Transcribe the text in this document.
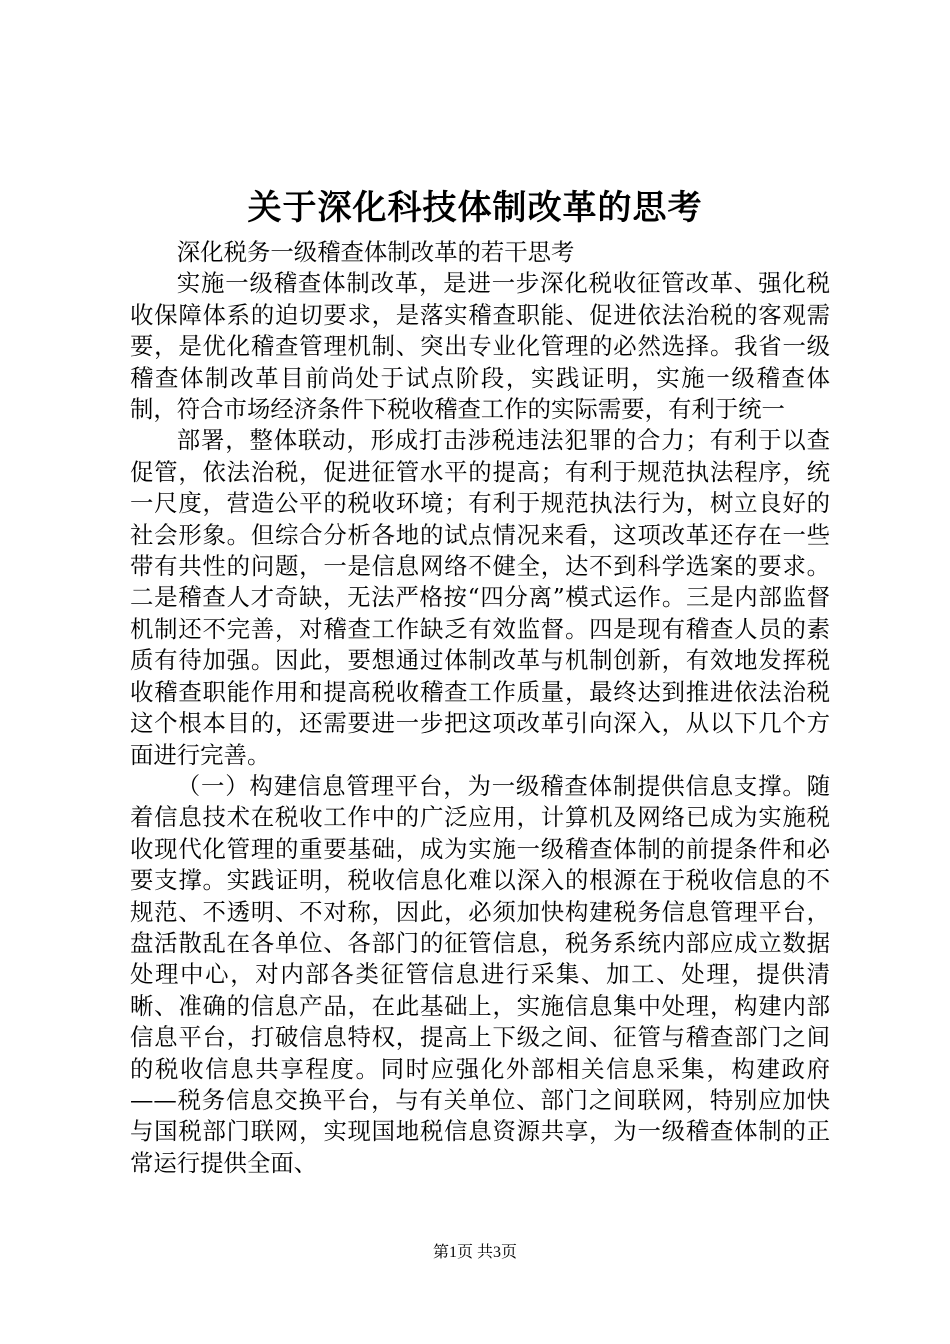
关于深化科技体制改革的思考

深化税务一级稽查体制改革的若干思考

实施一级稽查体制改革，是进一步深化税收征管改革、强化税收保障体系的迫切要求，是落实稽查职能、促进依法治税的客观需要，是优化稽查管理机制、突出专业化管理的必然选择。我省一级稽查体制改革目前尚处于试点阶段，实践证明，实施一级稽查体制，符合市场经济条件下税收稽查工作的实际需要，有利于统一

部署，整体联动，形成打击涉税违法犯罪的合力；有利于以查促管，依法治税，促进征管水平的提高；有利于规范执法程序，统一尺度，营造公平的税收环境；有利于规范执法行为，树立良好的社会形象。但综合分析各地的试点情况来看，这项改革还存在一些带有共性的问题，一是信息网络不健全，达不到科学选案的要求。二是稽查人才奇缺，无法严格按“四分离”模式运作。三是内部监督机制还不完善，对稽查工作缺乏有效监督。四是现有稽查人员的素质有待加强。因此，要想通过体制改革与机制创新，有效地发挥税收稽查职能作用和提高税收稽查工作质量，最终达到推进依法治税这个根本目的，还需要进一步把这项改革引向深入，从以下几个方面进行完善。

（一）构建信息管理平台，为一级稽查体制提供信息支撑。随着信息技术在税收工作中的广泛应用，计算机及网络已成为实施税收现代化管理的重要基础，成为实施一级稽查体制的前提条件和必要支撑。实践证明，税收信息化难以深入的根源在于税收信息的不规范、不透明、不对称，因此，必须加快构建税务信息管理平台，盘活散乱在各单位、各部门的征管信息，税务系统内部应成立数据处理中心，对内部各类征管信息进行采集、加工、处理，提供清晰、准确的信息产品，在此基础上，实施信息集中处理，构建内部信息平台，打破信息特权，提高上下级之间、征管与稽查部门之间的税收信息共享程度。同时应强化外部相关信息采集，构建政府——税务信息交换平台，与有关单位、部门之间联网，特别应加快与国税部门联网，实现国地税信息资源共享，为一级稽查体制的正常运行提供全面、

第1页 共3页
